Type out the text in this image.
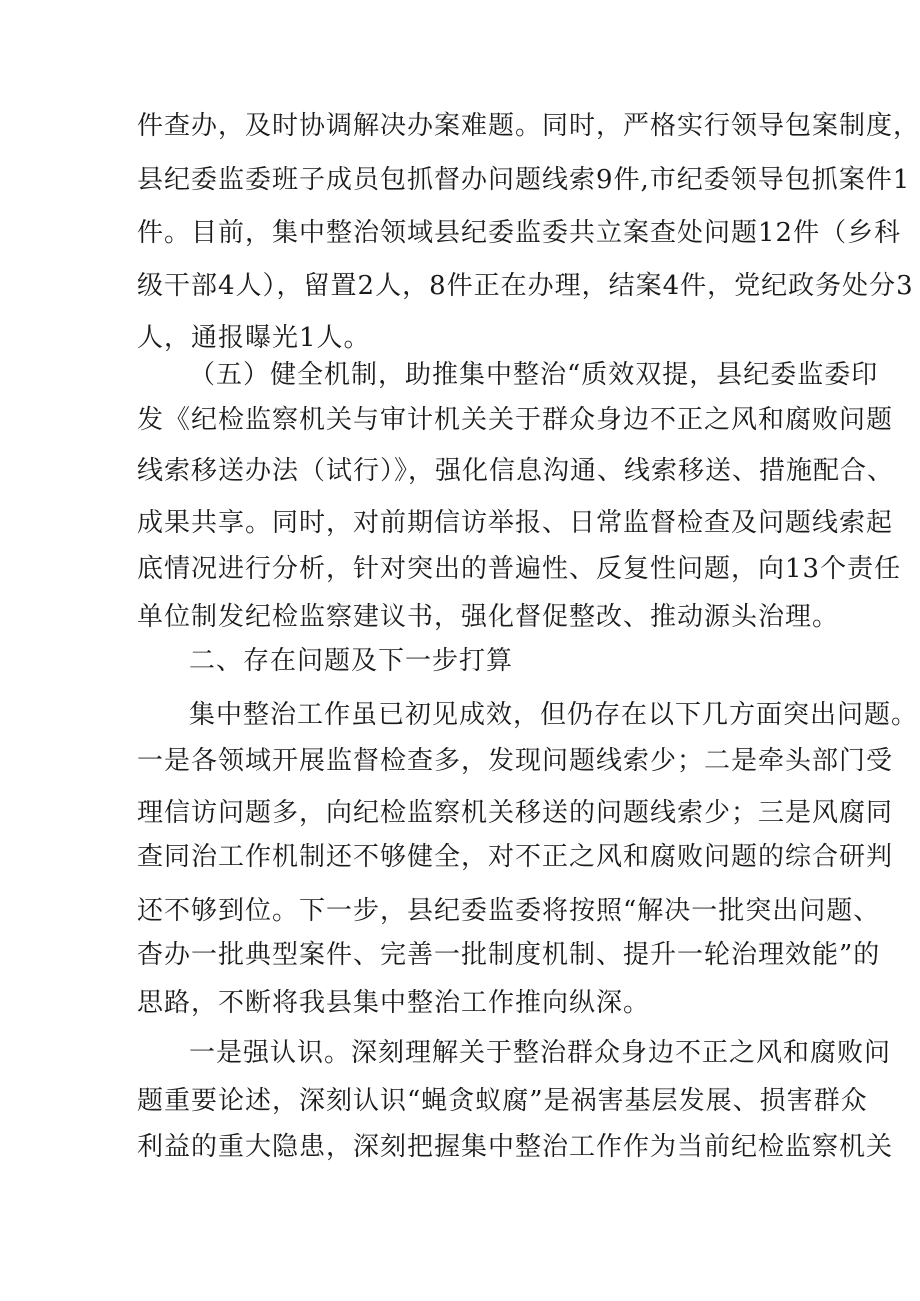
件查办，及时协调解决办案难题。同时，严格实行领导包案制度，
县纪委监委班子成员包抓督办问题线索9件,市纪委领导包抓案件1
件。目前，集中整治领域县纪委监委共立案查处问题12件（乡科
级干部4人），留置2人，8件正在办理，结案4件，党纪政务处分3
人，通报曝光1人。
（五）健全机制，助推集中整治“质效双提，县纪委监委印
发《纪检监察机关与审计机关关于群众身边不正之风和腐败问题
线索移送办法（试行）》，强化信息沟通、线索移送、措施配合、
成果共享。同时，对前期信访举报、日常监督检查及问题线索起
底情况进行分析，针对突出的普遍性、反复性问题，向13个责任
单位制发纪检监察建议书，强化督促整改、推动源头治理。
二、存在问题及下一步打算
集中整治工作虽已初见成效，但仍存在以下几方面突出问题。
一是各领域开展监督检查多，发现问题线索少；二是牵头部门受
理信访问题多，向纪检监察机关移送的问题线索少；三是风腐同
查同治工作机制还不够健全，对不正之风和腐败问题的综合研判
还不够到位。下一步，县纪委监委将按照“解决一批突出问题、
杳办一批典型案件、完善一批制度机制、提升一轮治理效能”的
思路，不断将我县集中整治工作推向纵深。
一是强认识。深刻理解关于整治群众身边不正之风和腐败问
题重要论述，深刻认识“蝇贪蚁腐”是祸害基层发展、损害群众
利益的重大隐患，深刻把握集中整治工作作为当前纪检监察机关
